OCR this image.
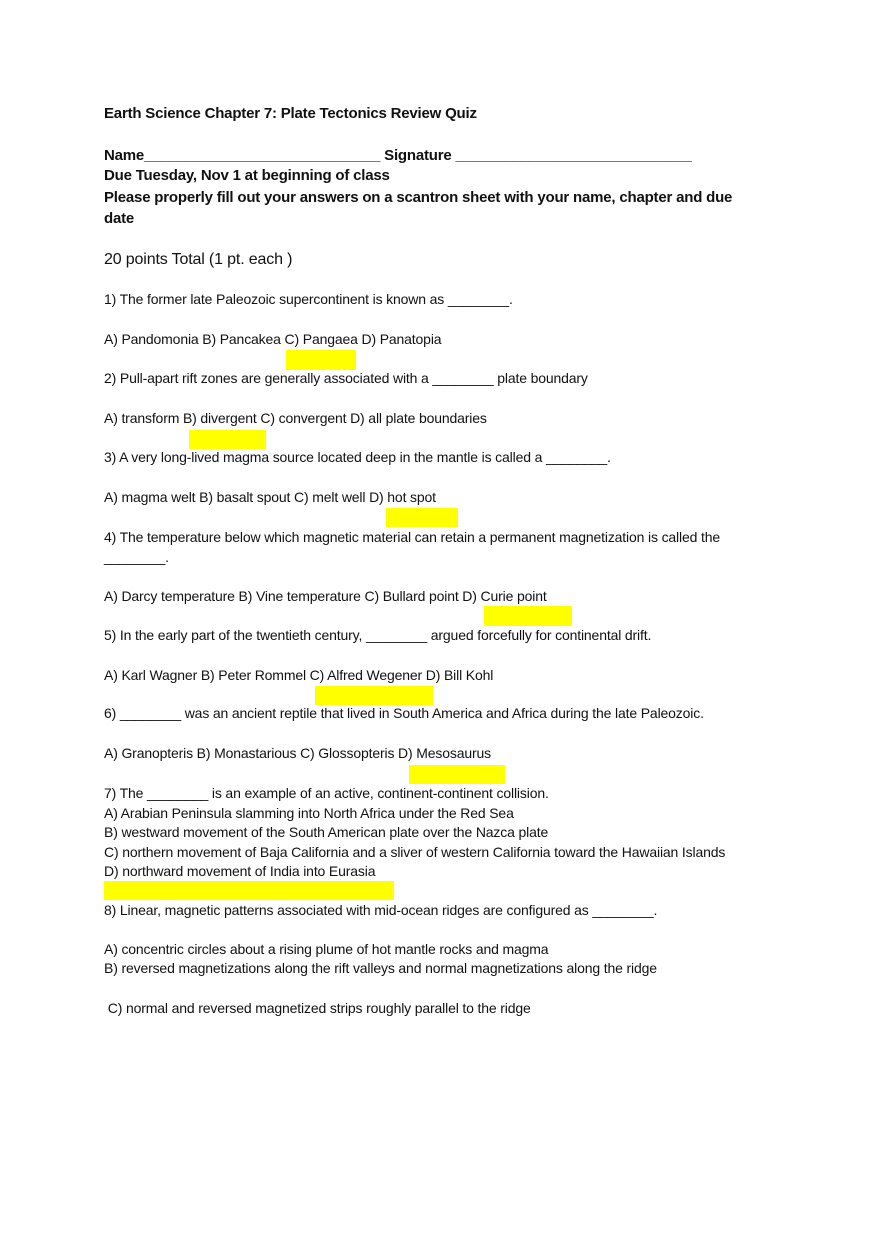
Earth Science Chapter 7: Plate Tectonics Review Quiz
Name_____________________________ Signature _____________________________
Due Tuesday, Nov 1 at beginning of class
Please properly fill out your answers on a scantron sheet with your name, chapter and due
date
20 points Total (1 pt. each )
1) The former late Paleozoic supercontinent is known as ________.
A) Pandomonia B) Pancakea C) Pangaea D) Panatopia
2) Pull-apart rift zones are generally associated with a ________ plate boundary
A) transform B) divergent C) convergent D) all plate boundaries
3) A very long-lived magma source located deep in the mantle is called a ________.
A) magma welt B) basalt spout C) melt well D) hot spot
4) The temperature below which magnetic material can retain a permanent magnetization is called the
________.
A) Darcy temperature B) Vine temperature C) Bullard point D) Curie point
5) In the early part of the twentieth century, ________ argued forcefully for continental drift.
A) Karl Wagner B) Peter Rommel C) Alfred Wegener D) Bill Kohl
6) ________ was an ancient reptile that lived in South America and Africa during the late Paleozoic.
A) Granopteris B) Monastarious C) Glossopteris D) Mesosaurus
7) The ________ is an example of an active, continent-continent collision.
A) Arabian Peninsula slamming into North Africa under the Red Sea
B) westward movement of the South American plate over the Nazca plate
C) northern movement of Baja California and a sliver of western California toward the Hawaiian Islands
D) northward movement of India into Eurasia
8) Linear, magnetic patterns associated with mid-ocean ridges are configured as ________.
A) concentric circles about a rising plume of hot mantle rocks and magma
B) reversed magnetizations along the rift valleys and normal magnetizations along the ridge
C) normal and reversed magnetized strips roughly parallel to the ridge
